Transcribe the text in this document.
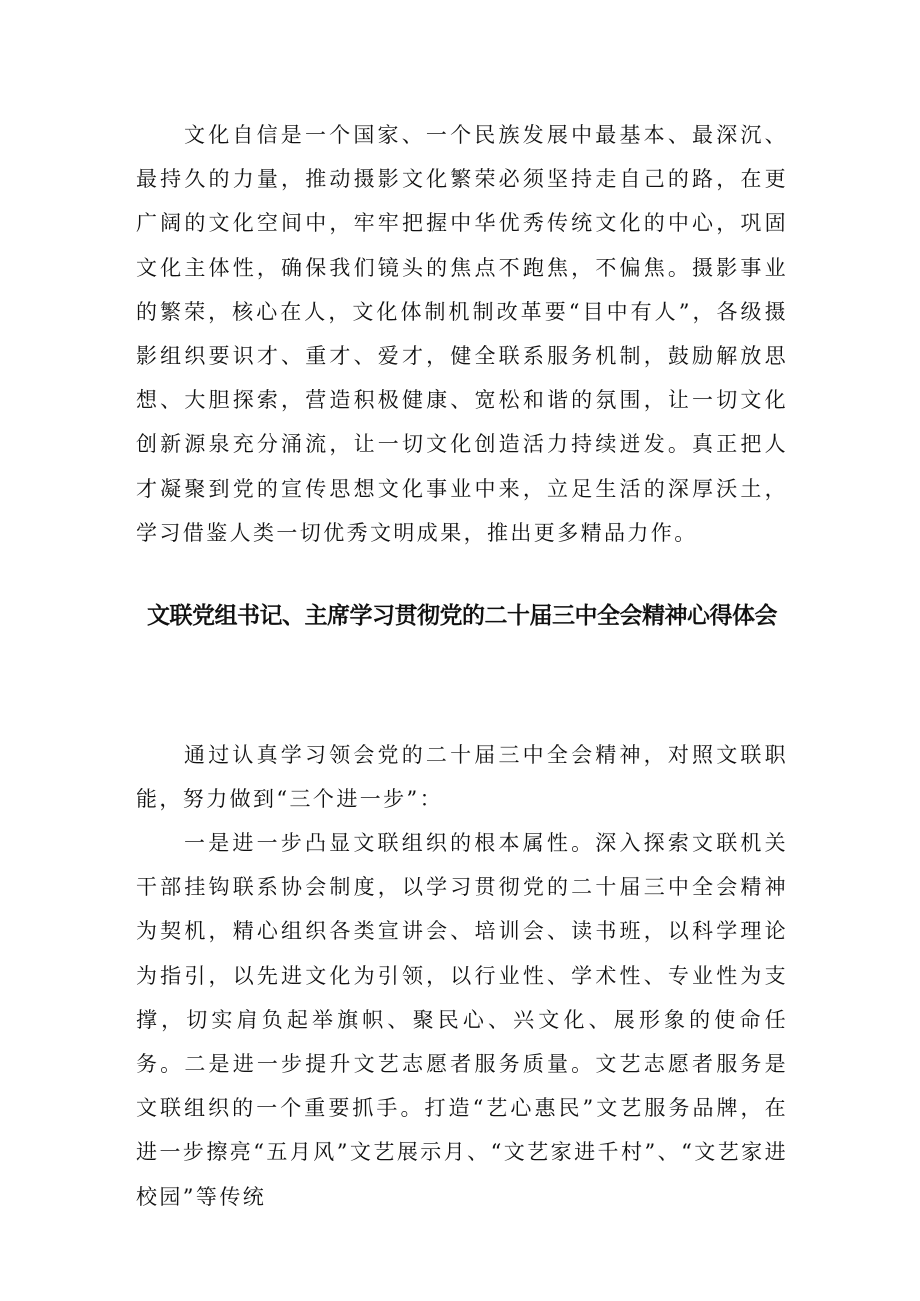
文化自信是一个国家、一个民族发展中最基本、最深沉、最持久的力量，推动摄影文化繁荣必须坚持走自己的路，在更广阔的文化空间中，牢牢把握中华优秀传统文化的中心，巩固文化主体性，确保我们镜头的焦点不跑焦，不偏焦。摄影事业的繁荣，核心在人，文化体制机制改革要“目中有人”，各级摄影组织要识才、重才、爱才，健全联系服务机制，鼓励解放思想、大胆探索，营造积极健康、宽松和谐的氛围，让一切文化创新源泉充分涌流，让一切文化创造活力持续迸发。真正把人才凝聚到党的宣传思想文化事业中来，立足生活的深厚沃土，学习借鉴人类一切优秀文明成果，推出更多精品力作。

文联党组书记、主席学习贯彻党的二十届三中全会精神心得体会

通过认真学习领会党的二十届三中全会精神，对照文联职能，努力做到“三个进一步”：

一是进一步凸显文联组织的根本属性。深入探索文联机关干部挂钩联系协会制度，以学习贯彻党的二十届三中全会精神为契机，精心组织各类宣讲会、培训会、读书班，以科学理论为指引，以先进文化为引领，以行业性、学术性、专业性为支撑，切实肩负起举旗帜、聚民心、兴文化、展形象的使命任务。二是进一步提升文艺志愿者服务质量。文艺志愿者服务是文联组织的一个重要抓手。打造“艺心惠民”文艺服务品牌，在进一步擦亮“五月风”文艺展示月、“文艺家进千村”、“文艺家进校园”等传统
